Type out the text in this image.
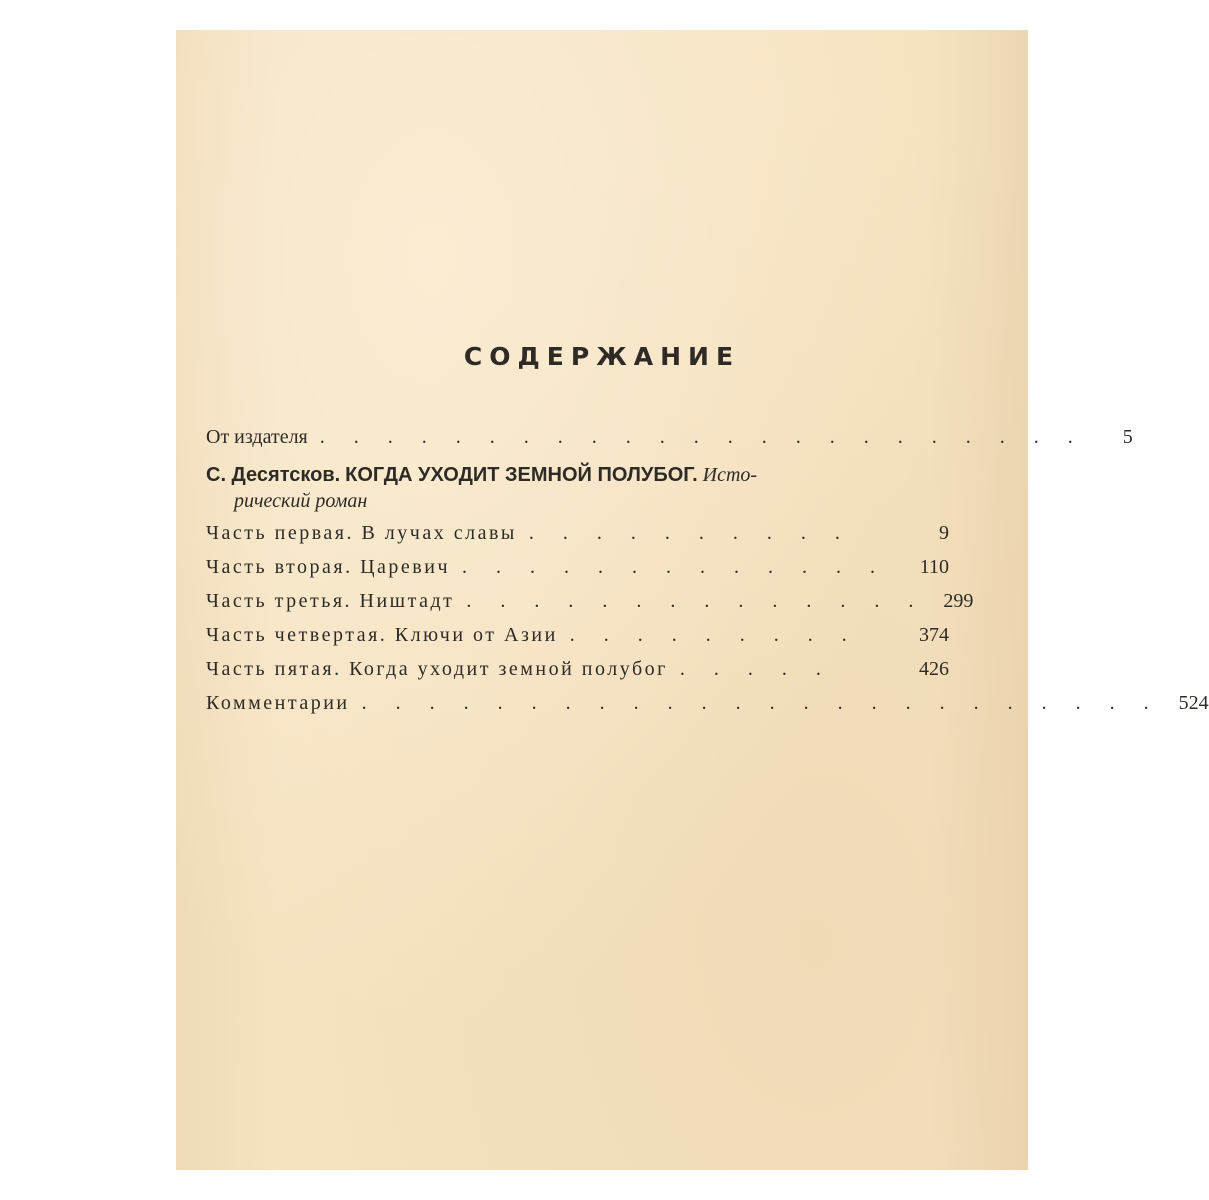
СОДЕРЖАНИЕ
От издателя . . . . . . . . . . . . . . . . . . . . . . .	5
С. Десятсков. КОГДА УХОДИТ ЗЕМНОЙ ПОЛУБОГ. Исто-
рический роман
Часть первая. В лучах славы . . . . . . . . . .	9
Часть вторая. Царевич . . . . . . . . . . . . .	110
Часть третья. Ништадт . . . . . . . . . . . . . . 299
Часть четвертая. Ключи от Азии . . . . . . . . .	374
Часть пятая. Когда уходит земной полубог . . . . .	426
Комментарии . . . . . . . . . . . . . . . . . . . . . . . . 524
